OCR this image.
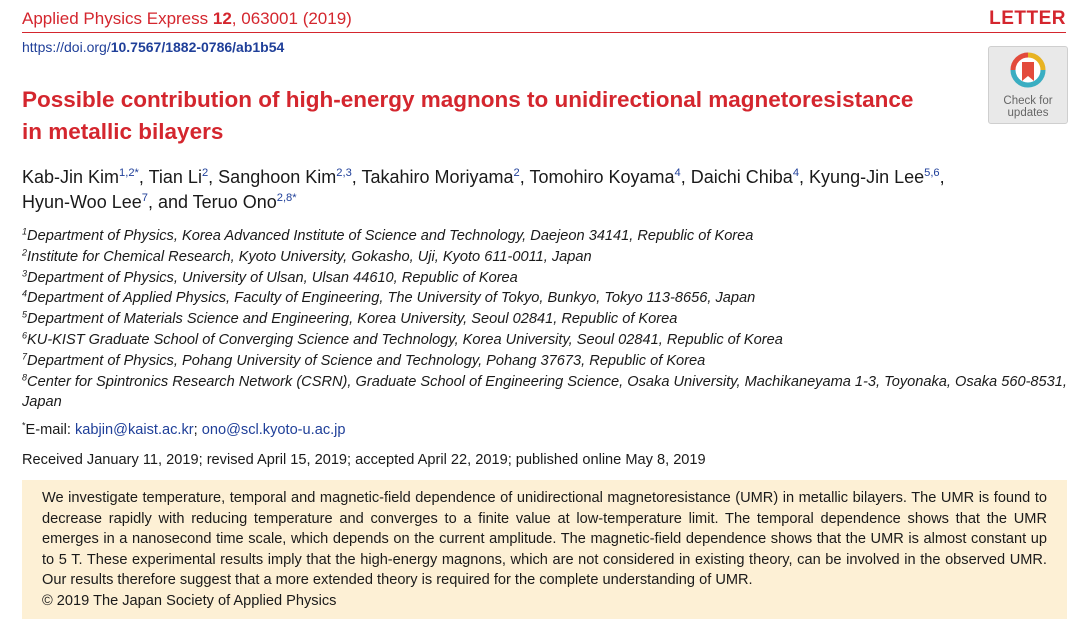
Applied Physics Express 12, 063001 (2019)	LETTER
https://doi.org/10.7567/1882-0786/ab1b54
Check for
updates
Possible contribution of high-energy magnons to unidirectional magnetoresistance in metallic bilayers
Kab-Jin Kim$^{1,2*}$, Tian Li$^2$, Sanghoon Kim$^{2,3}$, Takahiro Moriyama$^2$, Tomohiro Koyama$^4$, Daichi Chiba$^4$, Kyung-Jin Lee$^{5,6}$,
Hyun-Woo Lee$^7$, and Teruo Ono$^{2,8*}$
$^1$Department of Physics, Korea Advanced Institute of Science and Technology, Daejeon 34141, Republic of Korea
$^2$Institute for Chemical Research, Kyoto University, Gokasho, Uji, Kyoto 611-0011, Japan
$^3$Department of Physics, University of Ulsan, Ulsan 44610, Republic of Korea
$^4$Department of Applied Physics, Faculty of Engineering, The University of Tokyo, Bunkyo, Tokyo 113-8656, Japan
$^5$Department of Materials Science and Engineering, Korea University, Seoul 02841, Republic of Korea
$^6$KU-KIST Graduate School of Converging Science and Technology, Korea University, Seoul 02841, Republic of Korea
$^7$Department of Physics, Pohang University of Science and Technology, Pohang 37673, Republic of Korea
$^8$Center for Spintronics Research Network (CSRN), Graduate School of Engineering Science, Osaka University, Machikaneyama 1-3, Toyonaka, Osaka 560-8531, Japan
*E-mail: kabjin@kaist.ac.kr; ono@scl.kyoto-u.ac.jp
Received January 11, 2019; revised April 15, 2019; accepted April 22, 2019; published online May 8, 2019
We investigate temperature, temporal and magnetic-field dependence of unidirectional magnetoresistance (UMR) in metallic bilayers. The UMR is found to decrease rapidly with reducing temperature and converges to a finite value at low-temperature limit. The temporal dependence shows that the UMR emerges in a nanosecond time scale, which depends on the current amplitude. The magnetic-field dependence shows that the UMR is almost constant up to 5 T. These experimental results imply that the high-energy magnons, which are not considered in existing theory, can be involved in the observed UMR. Our results therefore suggest that a more extended theory is required for the complete understanding of UMR.
© 2019 The Japan Society of Applied Physics
